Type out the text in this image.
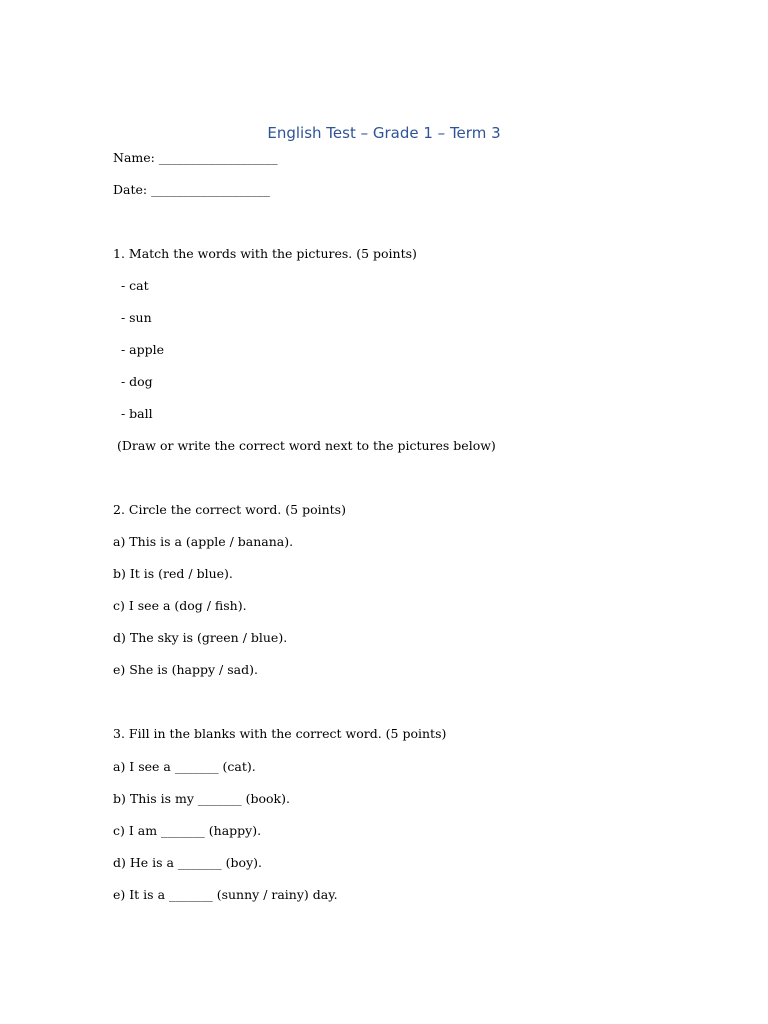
English Test – Grade 1 – Term 3

Name: ___________________

Date: ___________________

1. Match the words with the pictures. (5 points)

- cat

- sun

- apple

- dog

- ball

(Draw or write the correct word next to the pictures below)

2. Circle the correct word. (5 points)

a) This is a (apple / banana).

b) It is (red / blue).

c) I see a (dog / fish).

d) The sky is (green / blue).

e) She is (happy / sad).

3. Fill in the blanks with the correct word. (5 points)

a) I see a _______ (cat).

b) This is my _______ (book).

c) I am _______ (happy).

d) He is a _______ (boy).

e) It is a _______ (sunny / rainy) day.
